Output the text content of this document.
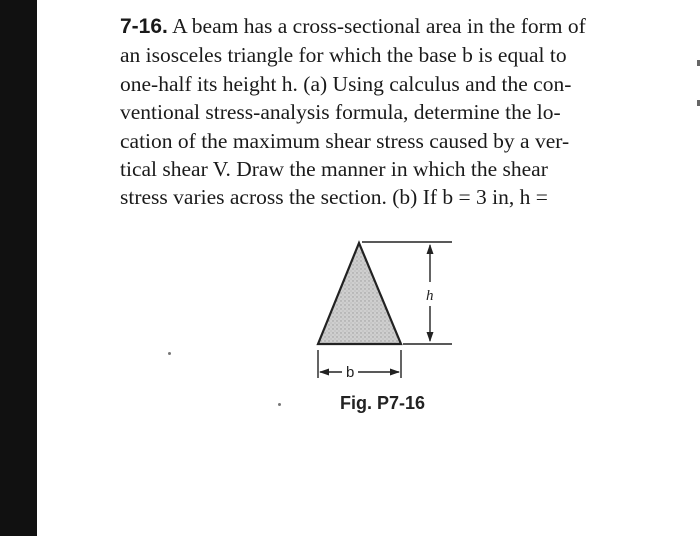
7-16. A beam has a cross-sectional area in the form of
an isosceles triangle for which the base b is equal to
one-half its height h. (a) Using calculus and the con-
ventional stress-analysis formula, determine the lo-
cation of the maximum shear stress caused by a ver-
tical shear V. Draw the manner in which the shear
stress varies across the section. (b) If b = 3 in, h =
h
b
Fig. P7-16
